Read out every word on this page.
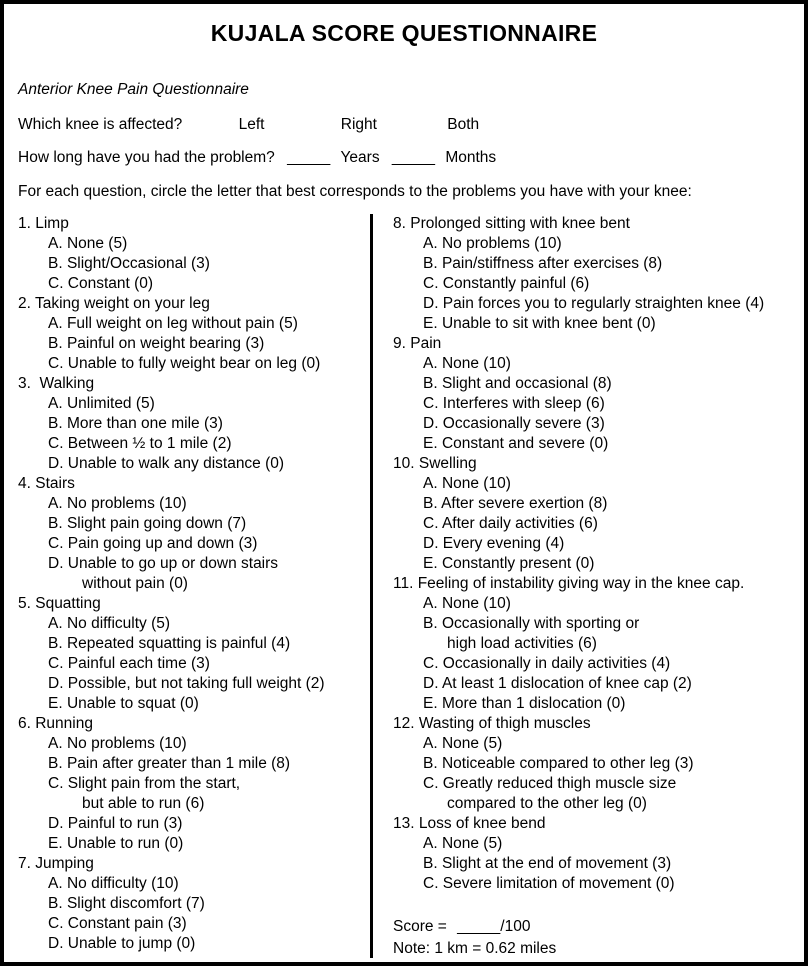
KUJALA SCORE QUESTIONNAIRE
Anterior Knee Pain Questionnaire
Which knee is affected?	Left	Right	Both
How long have you had the problem? _____ Years _____ Months
For each question, circle the letter that best corresponds to the problems you have with your knee:
1. Limp
A. None (5)
B. Slight/Occasional (3)
C. Constant (0)
2. Taking weight on your leg
A. Full weight on leg without pain (5)
B. Painful on weight bearing (3)
C. Unable to fully weight bear on leg (0)
3.  Walking
A. Unlimited (5)
B. More than one mile (3)
C. Between ½ to 1 mile (2)
D. Unable to walk any distance (0)
4. Stairs
A. No problems (10)
B. Slight pain going down (7)
C. Pain going up and down (3)
D. Unable to go up or down stairs
without pain (0)
5. Squatting
A. No difficulty (5)
B. Repeated squatting is painful (4)
C. Painful each time (3)
D. Possible, but not taking full weight (2)
E. Unable to squat (0)
6. Running
A. No problems (10)
B. Pain after greater than 1 mile (8)
C. Slight pain from the start,
but able to run (6)
D. Painful to run (3)
E. Unable to run (0)
7. Jumping
A. No difficulty (10)
B. Slight discomfort (7)
C. Constant pain (3)
D. Unable to jump (0)
8. Prolonged sitting with knee bent
A. No problems (10)
B. Pain/stiffness after exercises (8)
C. Constantly painful (6)
D. Pain forces you to regularly straighten knee (4)
E. Unable to sit with knee bent (0)
9. Pain
A. None (10)
B. Slight and occasional (8)
C. Interferes with sleep (6)
D. Occasionally severe (3)
E. Constant and severe (0)
10. Swelling
A. None (10)
B. After severe exertion (8)
C. After daily activities (6)
D. Every evening (4)
E. Constantly present (0)
11. Feeling of instability giving way in the knee cap.
A. None (10)
B. Occasionally with sporting or
high load activities (6)
C. Occasionally in daily activities (4)
D. At least 1 dislocation of knee cap (2)
E. More than 1 dislocation (0)
12. Wasting of thigh muscles
A. None (5)
B. Noticeable compared to other leg (3)
C. Greatly reduced thigh muscle size
compared to the other leg (0)
13. Loss of knee bend
A. None (5)
B. Slight at the end of movement (3)
C. Severe limitation of movement (0)
Score = _____/100
Note: 1 km = 0.62 miles
